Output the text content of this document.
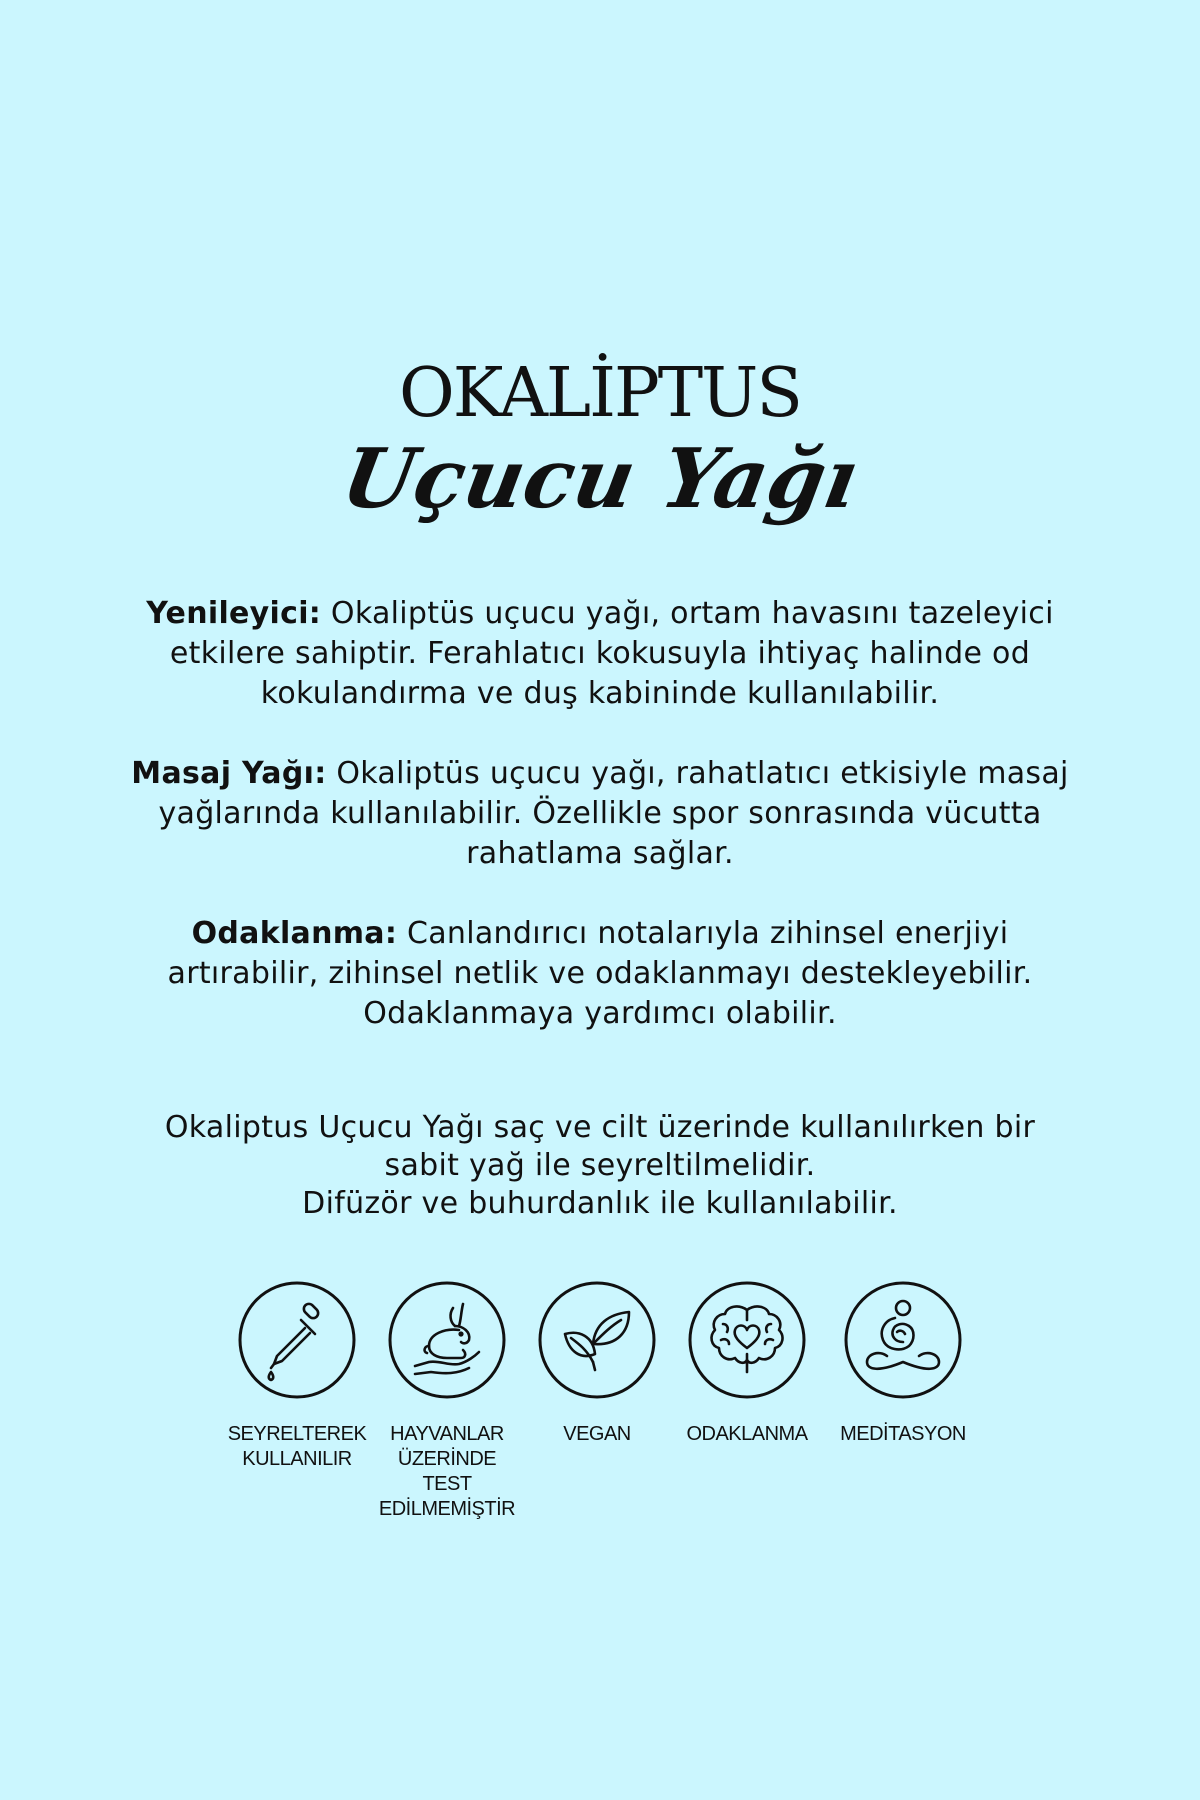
OKALİPTUS
Uçucu Yağı

Yenileyici: Okaliptüs uçucu yağı, ortam havasını tazeleyici etkilere sahiptir. Ferahlatıcı kokusuyla ihtiyaç halinde od kokulandırma ve duş kabininde kullanılabilir.

Masaj Yağı: Okaliptüs uçucu yağı, rahatlatıcı etkisiyle masaj yağlarında kullanılabilir. Özellikle spor sonrasında vücutta rahatlama sağlar.

Odaklanma: Canlandırıcı notalarıyla zihinsel enerjiyi artırabilir, zihinsel netlik ve odaklanmayı destekleyebilir. Odaklanmaya yardımcı olabilir.

Okaliptus Uçucu Yağı saç ve cilt üzerinde kullanılırken bir
sabit yağ ile seyreltilmelidir.
Difüzör ve buhurdanlık ile kullanılabilir.
SEYRELTEREK
KULLANILIR
HAYVANLAR
ÜZERİNDE TEST
EDİLMEMİŞTİR
VEGAN	ODAKLANMA	MEDİTASYON
